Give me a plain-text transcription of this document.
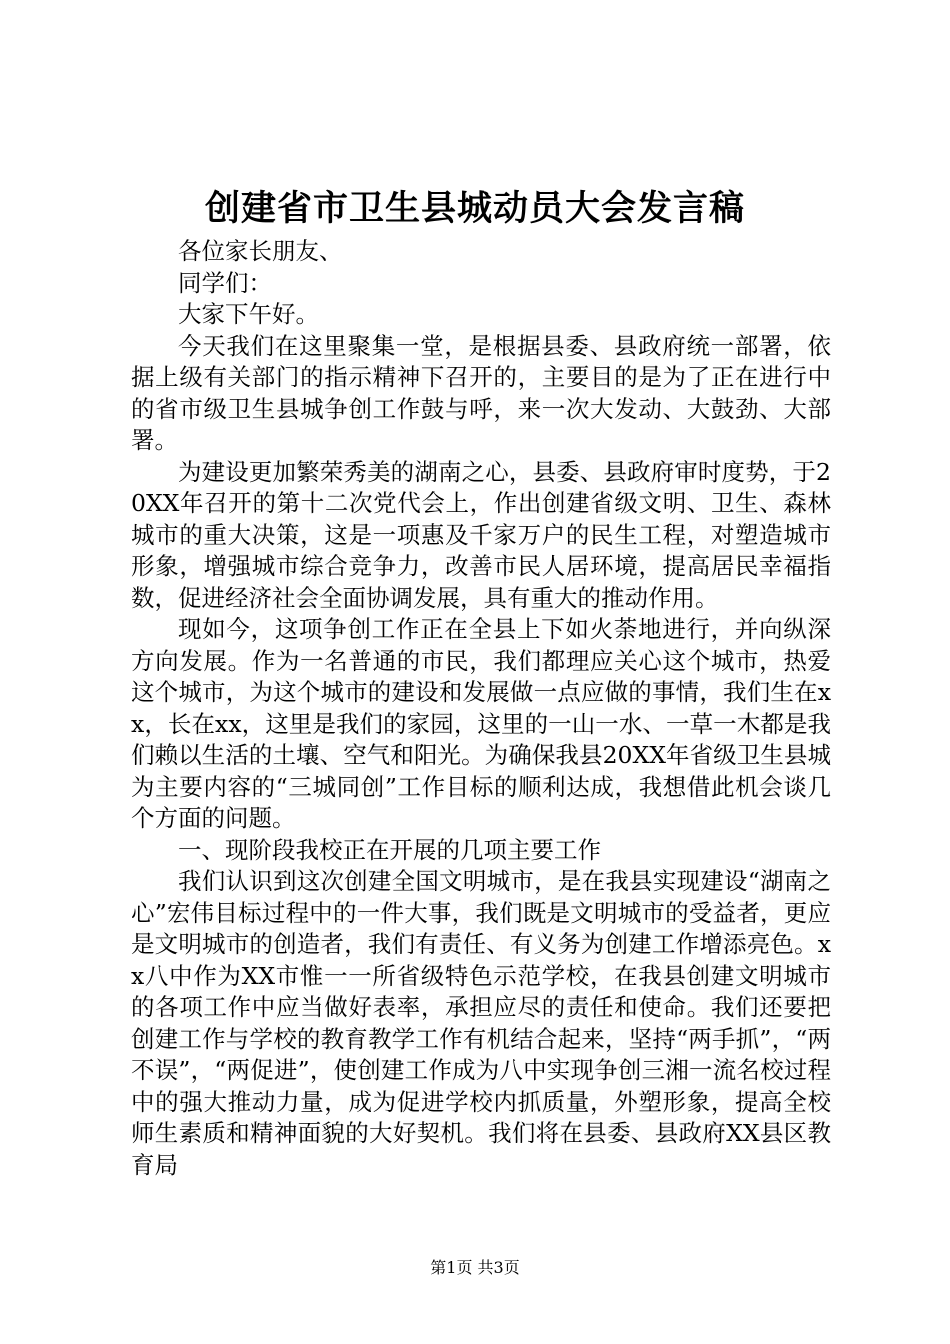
创建省市卫生县城动员大会发言稿

各位家长朋友、

同学们：

大家下午好。

今天我们在这里聚集一堂，是根据县委、县政府统一部署，依据上级有关部门的指示精神下召开的，主要目的是为了正在进行中的省市级卫生县城争创工作鼓与呼，来一次大发动、大鼓劲、大部署。

为建设更加繁荣秀美的湖南之心，县委、县政府审时度势，于20XX年召开的第十二次党代会上，作出创建省级文明、卫生、森林城市的重大决策，这是一项惠及千家万户的民生工程，对塑造城市形象，增强城市综合竞争力，改善市民人居环境，提高居民幸福指数，促进经济社会全面协调发展，具有重大的推动作用。

现如今，这项争创工作正在全县上下如火荼地进行，并向纵深方向发展。作为一名普通的市民，我们都理应关心这个城市，热爱这个城市，为这个城市的建设和发展做一点应做的事情，我们生在xx，长在xx，这里是我们的家园，这里的一山一水、一草一木都是我们赖以生活的土壤、空气和阳光。为确保我县20XX年省级卫生县城为主要内容的“三城同创”工作目标的顺利达成，我想借此机会谈几个方面的问题。

一、现阶段我校正在开展的几项主要工作

我们认识到这次创建全国文明城市，是在我县实现建设“湖南之心”宏伟目标过程中的一件大事，我们既是文明城市的受益者，更应是文明城市的创造者，我们有责任、有义务为创建工作增添亮色。xx八中作为XX市惟一一所省级特色示范学校，在我县创建文明城市的各项工作中应当做好表率，承担应尽的责任和使命。我们还要把创建工作与学校的教育教学工作有机结合起来，坚持“两手抓”，“两不误”，“两促进”，使创建工作成为八中实现争创三湘一流名校过程中的强大推动力量，成为促进学校内抓质量，外塑形象，提高全校师生素质和精神面貌的大好契机。我们将在县委、县政府XX县区教育局

第1页 共3页
